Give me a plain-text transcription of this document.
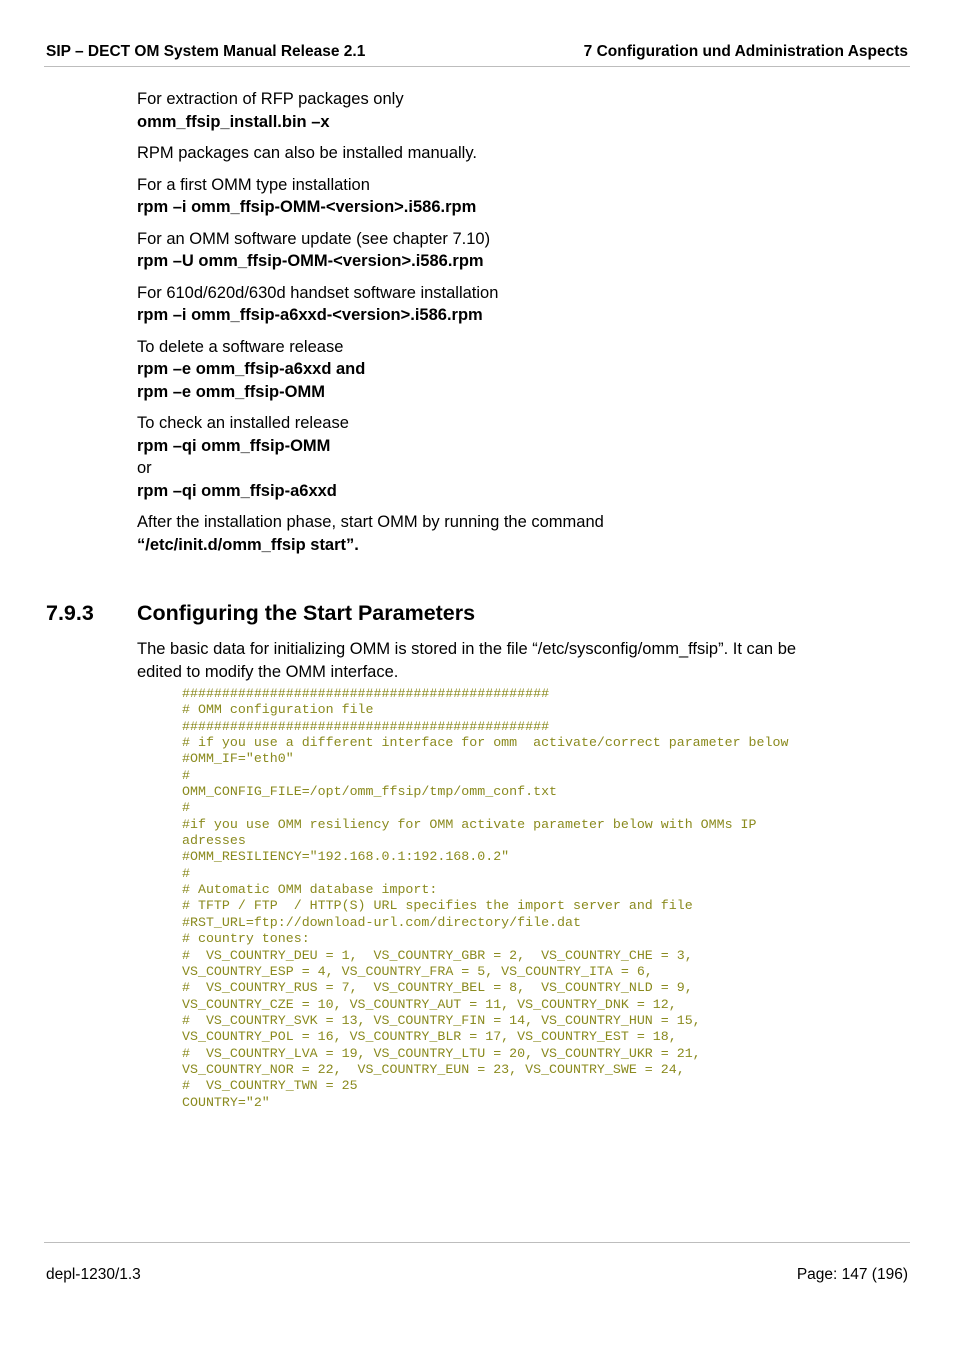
SIP – DECT OM System Manual Release 2.1	7 Configuration und Administration Aspects
For extraction of RFP packages only
omm_ffsip_install.bin –x
RPM packages can also be installed manually.
For a first OMM type installation
rpm –i omm_ffsip-OMM-<version>.i586.rpm
For an OMM software update (see chapter 7.10)
rpm –U omm_ffsip-OMM-<version>.i586.rpm
For 610d/620d/630d handset software installation
rpm –i omm_ffsip-a6xxd-<version>.i586.rpm
To delete a software release
rpm –e omm_ffsip-a6xxd and
rpm –e omm_ffsip-OMM
To check an installed release
rpm –qi omm_ffsip-OMM
or
rpm –qi omm_ffsip-a6xxd
After the installation phase, start OMM by running the command
“/etc/init.d/omm_ffsip start”.
7.9.3 Configuring the Start Parameters
The basic data for initializing OMM is stored in the file “/etc/sysconfig/omm_ffsip”. It can be
edited to modify the OMM interface.
##############################################
# OMM configuration file
##############################################
# if you use a different interface for omm  activate/correct parameter below
#OMM_IF="eth0"
#
OMM_CONFIG_FILE=/opt/omm_ffsip/tmp/omm_conf.txt
#
#if you use OMM resiliency for OMM activate parameter below with OMMs IP
adresses
#OMM_RESILIENCY="192.168.0.1:192.168.0.2"
#
# Automatic OMM database import:
# TFTP / FTP  / HTTP(S) URL specifies the import server and file
#RST_URL=ftp://download-url.com/directory/file.dat
# country tones:
#  VS_COUNTRY_DEU = 1,  VS_COUNTRY_GBR = 2,  VS_COUNTRY_CHE = 3,
VS_COUNTRY_ESP = 4, VS_COUNTRY_FRA = 5, VS_COUNTRY_ITA = 6,
#  VS_COUNTRY_RUS = 7,  VS_COUNTRY_BEL = 8,  VS_COUNTRY_NLD = 9,
VS_COUNTRY_CZE = 10, VS_COUNTRY_AUT = 11, VS_COUNTRY_DNK = 12,
#  VS_COUNTRY_SVK = 13, VS_COUNTRY_FIN = 14, VS_COUNTRY_HUN = 15,
VS_COUNTRY_POL = 16, VS_COUNTRY_BLR = 17, VS_COUNTRY_EST = 18,
#  VS_COUNTRY_LVA = 19, VS_COUNTRY_LTU = 20, VS_COUNTRY_UKR = 21,
VS_COUNTRY_NOR = 22,  VS_COUNTRY_EUN = 23, VS_COUNTRY_SWE = 24,
#  VS_COUNTRY_TWN = 25
COUNTRY="2"
depl-1230/1.3	Page: 147 (196)
